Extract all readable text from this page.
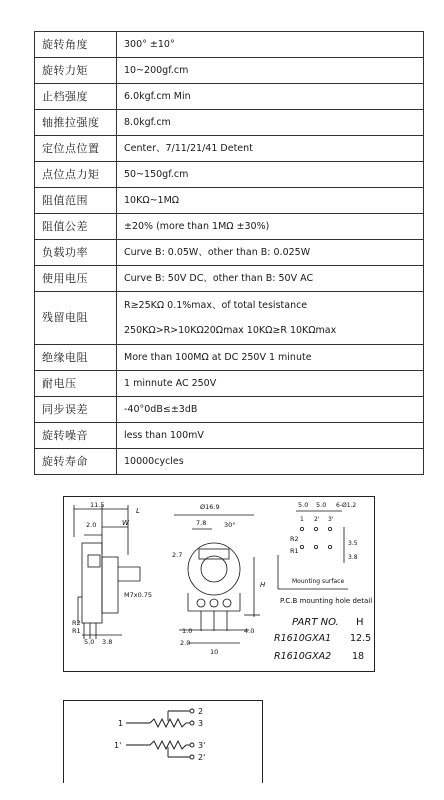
旋转角度	300° ±10°
旋转力矩	10~200gf.cm
止档强度	6.0kgf.cm Min
轴推拉强度	8.0kgf.cm
定位点位置	Center、7/11/21/41 Detent
点位点力矩	50~150gf.cm
阻值范围	10KΩ~1MΩ
阻值公差	±20% (more than 1MΩ ±30%)
负载功率	Curve B: 0.05W、other than B: 0.025W
使用电压	Curve B: 50V DC、other than B: 50V AC
残留电阻	R≥25KΩ 0.1%max、of total tesistance
250KΩ>R>10KΩ20Ωmax 10KΩ≥R 10KΩmax

绝缘电阻	More than 100MΩ at DC 250V 1 minute
耐电压	1 minnute AC 250V
同步误差	-40°0dB≤±3dB
旋转噪音	less than 100mV
旋转寿命	10000cycles
11.5
L
2.0	W
Ø16.9
7.8	30°
2.7
H
M7x0.75
R2
R1
5.0 3.8
1.0
10
2.0
4.0
5.0 5.0 6-Ø1.2
R2
R1
1 2' 3'
3.5
3.8
Mounting surface
P.C.B mounting hole detail
PART NO. H
R1610GXA1 12.5
R1610GXA2 18
1
2
3
1'	3'
2'
